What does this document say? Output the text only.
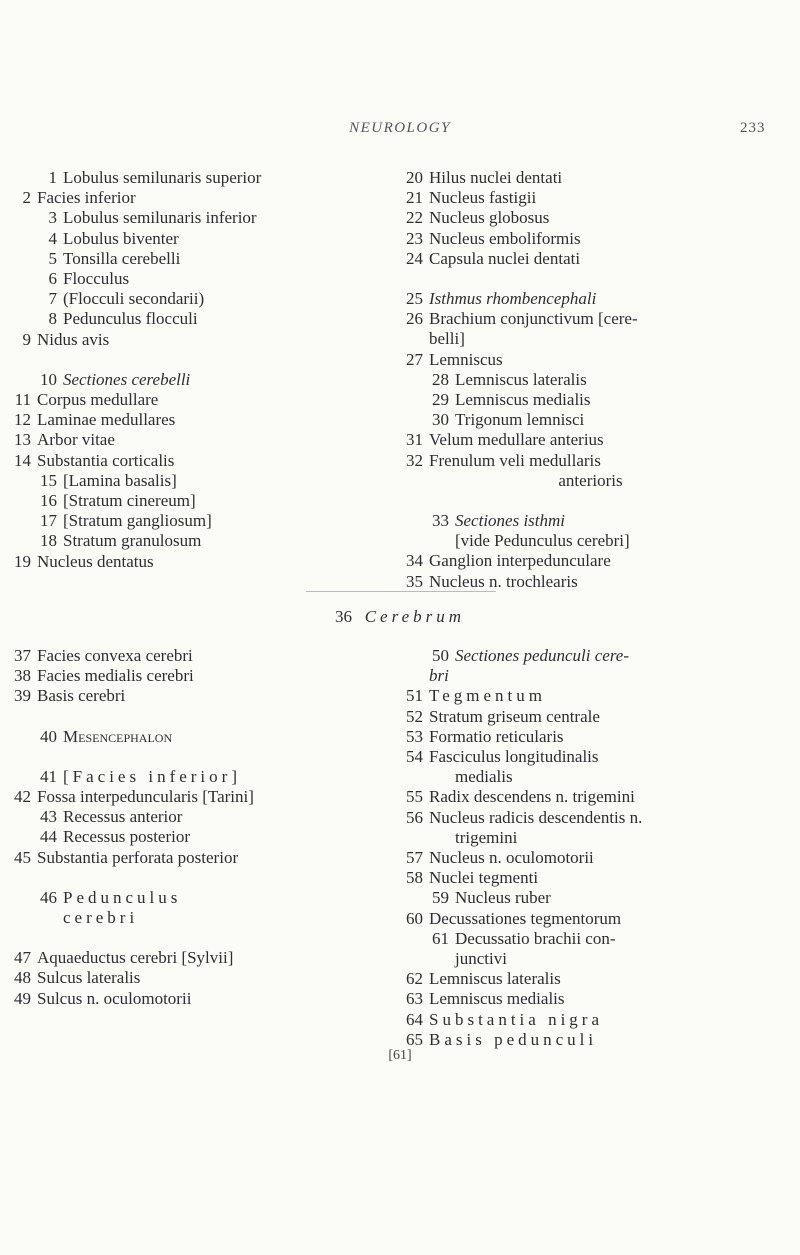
NEUROLOGY	233
1 Lobulus semilunaris superior
2 Facies inferior
3 Lobulus semilunaris inferior
4 Lobulus biventer
5 Tonsilla cerebelli
6 Flocculus
7 (Flocculi secondarii)
8 Pedunculus flocculi
9 Nidus avis
10 Sectiones cerebelli
11 Corpus medullare
12 Laminae medullares
13 Arbor vitae
14 Substantia corticalis
15 [Lamina basalis]
16 [Stratum cinereum]
17 [Stratum gangliosum]
18 Stratum granulosum
19 Nucleus dentatus
20 Hilus nuclei dentati
21 Nucleus fastigii
22 Nucleus globosus
23 Nucleus emboliformis
24 Capsula nuclei dentati
25 Isthmus rhombencephali
26 Brachium conjunctivum [cere-
belli]
27 Lemniscus
28 Lemniscus lateralis
29 Lemniscus medialis
30 Trigonum lemnisci
31 Velum medullare anterius
32 Frenulum veli medullaris
anterioris
33 Sectiones isthmi
[vide Pedunculus cerebri]
34 Ganglion interpedunculare
35 Nucleus n. trochlearis
36 Cerebrum
37 Facies convexa cerebri
38 Facies medialis cerebri
39 Basis cerebri
40 Mesencephalon
41 [Facies inferior]
42 Fossa interpeduncularis [Tarini]
43 Recessus anterior
44 Recessus posterior
45 Substantia perforata posterior
46 Pedunculus
cerebri
47 Aquaeductus cerebri [Sylvii]
48 Sulcus lateralis
49 Sulcus n. oculomotorii
50 Sectiones pedunculi cere-
bri
51 Tegmentum
52 Stratum griseum centrale
53 Formatio reticularis
54 Fasciculus longitudinalis
medialis
55 Radix descendens n. trigemini
56 Nucleus radicis descendentis n.
trigemini
57 Nucleus n. oculomotorii
58 Nuclei tegmenti
59 Nucleus ruber
60 Decussationes tegmentorum
61 Decussatio brachii con-
junctivi
62 Lemniscus lateralis
63 Lemniscus medialis
64 Substantia nigra
65 Basis pedunculi
[61]
